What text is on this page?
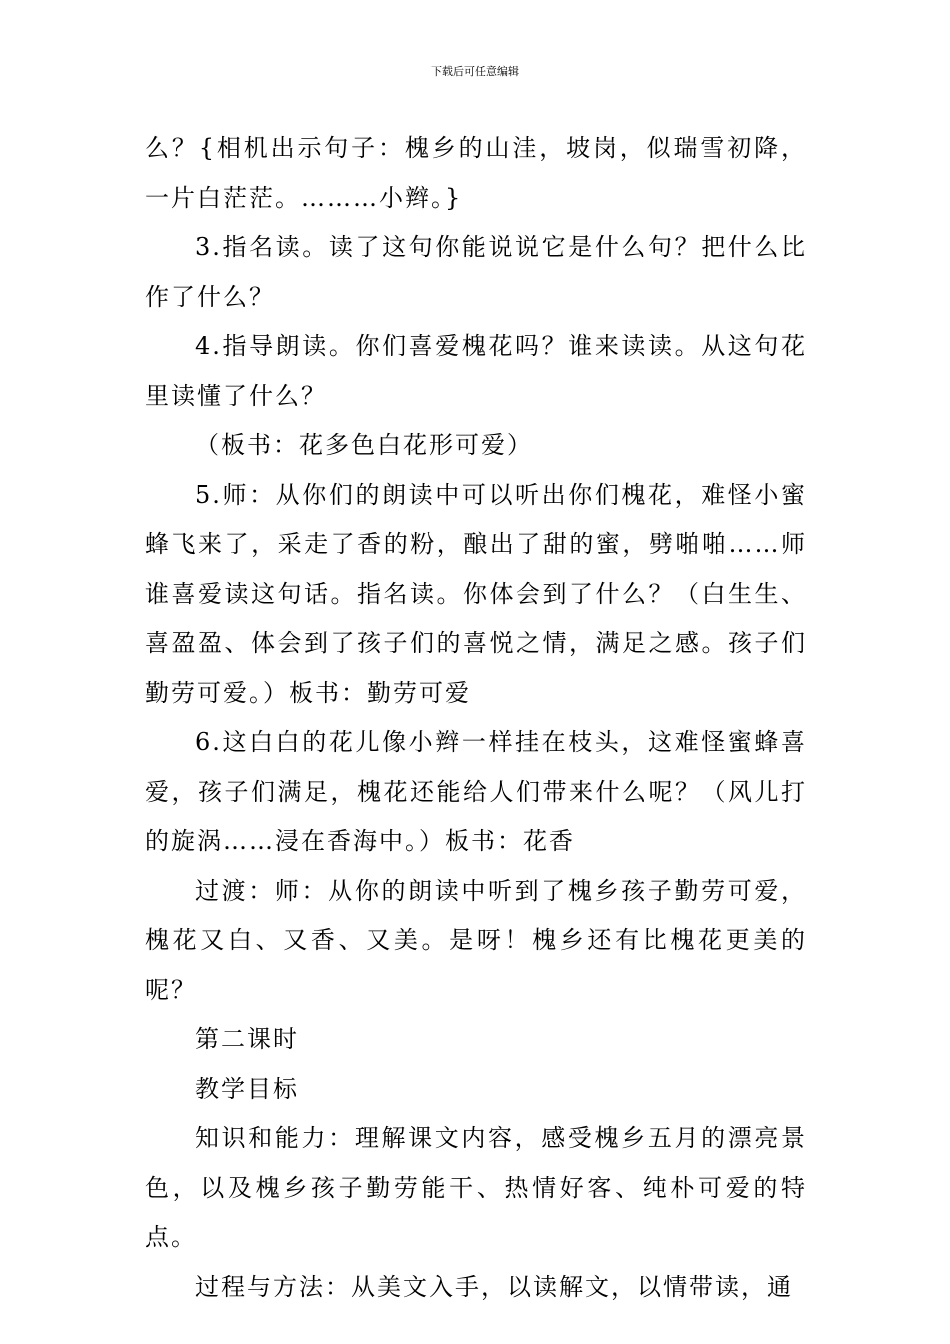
下载后可任意编辑

么？{相机出示句子：槐乡的山洼，坡岗，似瑞雪初降，一片白茫茫。………小辫。}

3.指名读。读了这句你能说说它是什么句？把什么比作了什么？

4.指导朗读。你们喜爱槐花吗？谁来读读。从这句花里读懂了什么？

（板书：花多色白花形可爱）

5.师：从你们的朗读中可以听出你们槐花，难怪小蜜蜂飞来了，采走了香的粉，酿出了甜的蜜，劈啪啪……师谁喜爱读这句话。指名读。你体会到了什么？（白生生、喜盈盈、体会到了孩子们的喜悦之情，满足之感。孩子们勤劳可爱。）板书：勤劳可爱

6.这白白的花儿像小辫一样挂在枝头，这难怪蜜蜂喜爱，孩子们满足，槐花还能给人们带来什么呢？（风儿打的旋涡……浸在香海中。）板书：花香

过渡：师：从你的朗读中听到了槐乡孩子勤劳可爱，槐花又白、又香、又美。是呀！槐乡还有比槐花更美的呢？

第二课时

教学目标

知识和能力：理解课文内容，感受槐乡五月的漂亮景色，以及槐乡孩子勤劳能干、热情好客、纯朴可爱的特点。

过程与方法：从美文入手，以读解文，以情带读，通
